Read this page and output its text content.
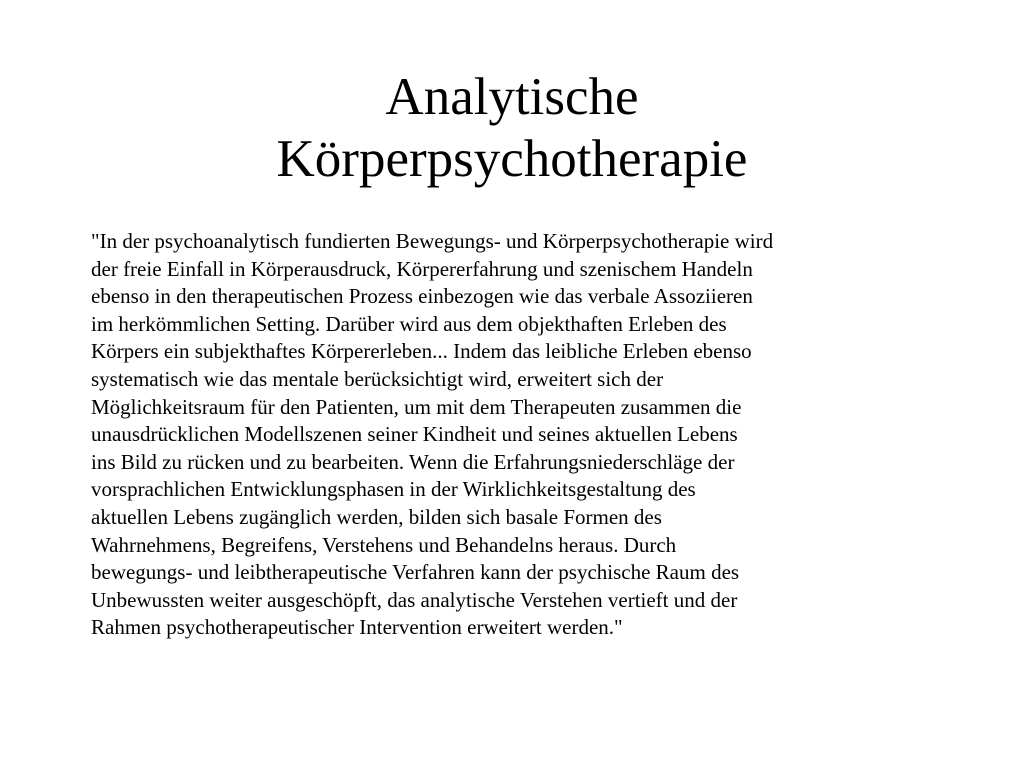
Analytische
Körperpsychotherapie

"In der psychoanalytisch fundierten Bewegungs- und Körperpsychotherapie wird
der freie Einfall in Körperausdruck, Körpererfahrung und szenischem Handeln
ebenso in den therapeutischen Prozess einbezogen wie das verbale Assoziieren
im herkömmlichen Setting. Darüber wird aus dem objekthaften Erleben des
Körpers ein subjekthaftes Körpererleben... Indem das leibliche Erleben ebenso
systematisch wie das mentale berücksichtigt wird, erweitert sich der
Möglichkeitsraum für den Patienten, um mit dem Therapeuten zusammen die
unausdrücklichen Modellszenen seiner Kindheit und seines aktuellen Lebens
ins Bild zu rücken und zu bearbeiten. Wenn die Erfahrungsniederschläge der
vorsprachlichen Entwicklungsphasen in der Wirklichkeitsgestaltung des
aktuellen Lebens zugänglich werden, bilden sich basale Formen des
Wahrnehmens, Begreifens, Verstehens und Behandelns heraus. Durch
bewegungs- und leibtherapeutische Verfahren kann der psychische Raum des
Unbewussten weiter ausgeschöpft, das analytische Verstehen vertieft und der
Rahmen psychotherapeutischer Intervention erweitert werden."
